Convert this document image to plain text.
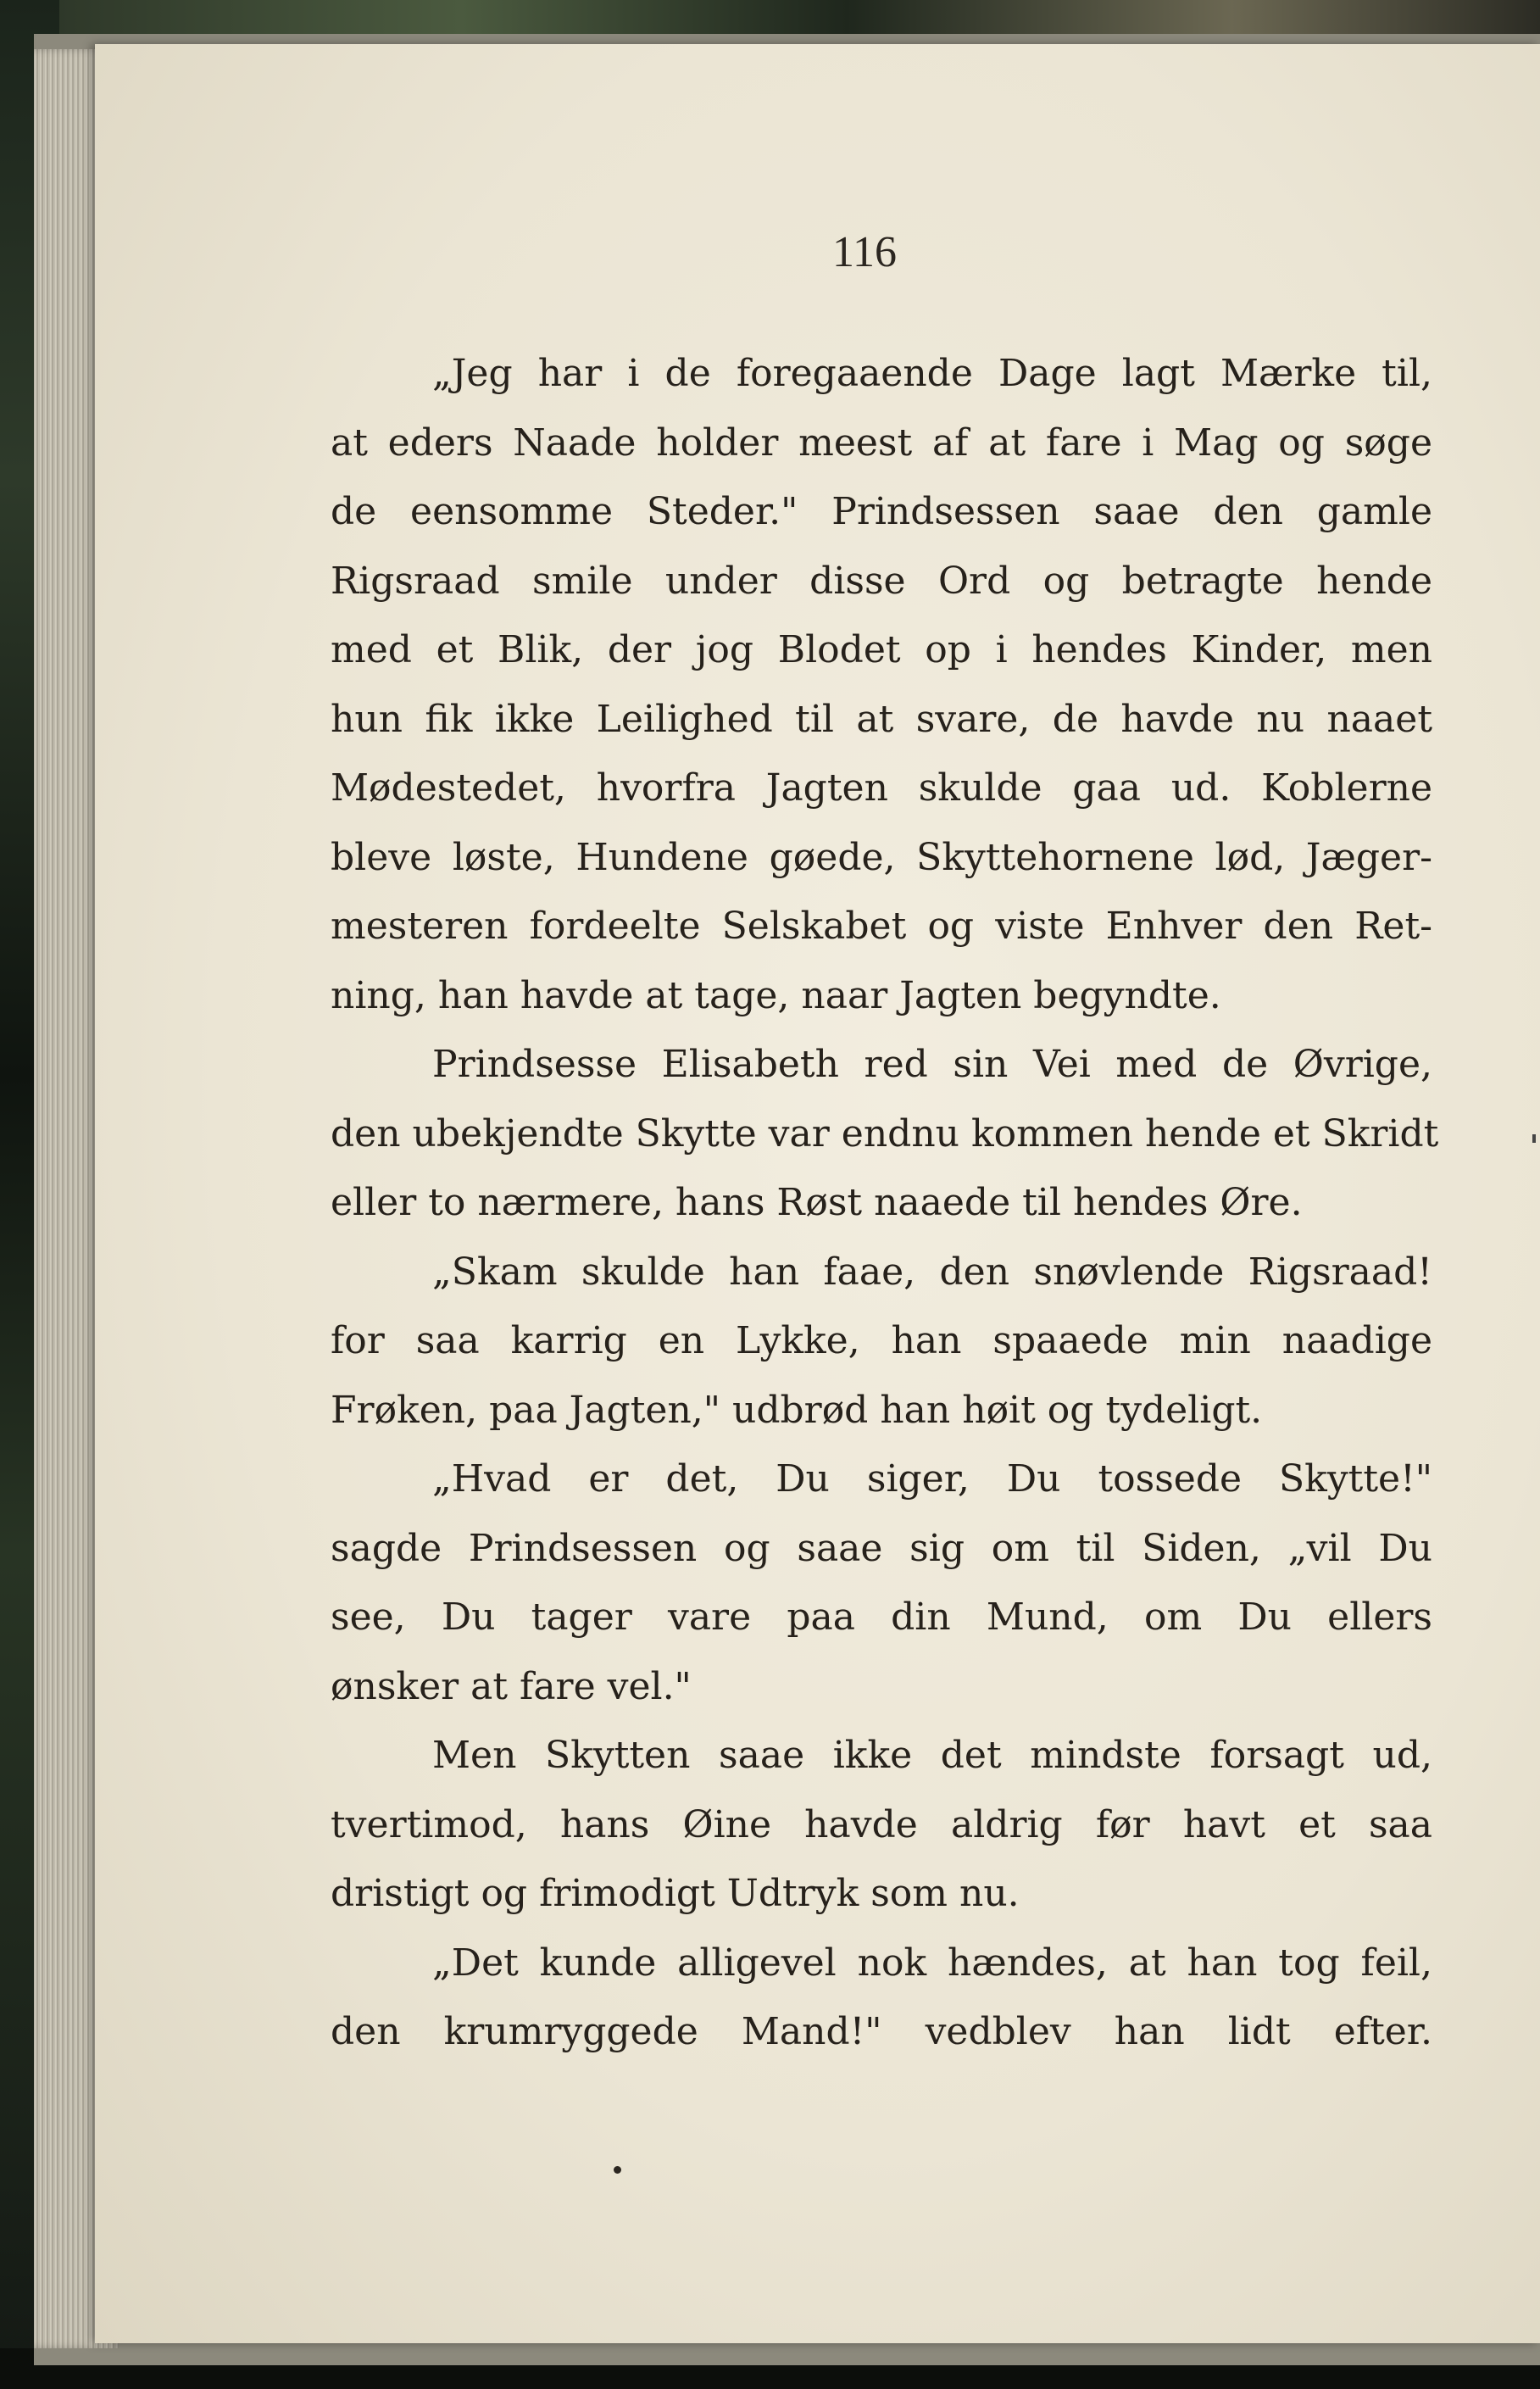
116
„Jeg har i de foregaaende Dage lagt Mærke til,
at eders Naade holder meest af at fare i Mag og søge
de eensomme Steder." Prindsessen saae den gamle
Rigsraad smile under disse Ord og betragte hende
med et Blik, der jog Blodet op i hendes Kinder, men
hun fik ikke Leilighed til at svare, de havde nu naaet
Mødestedet, hvorfra Jagten skulde gaa ud. Koblerne
bleve løste, Hundene gøede, Skyttehornene lød, Jæger-
mesteren fordeelte Selskabet og viste Enhver den Ret-
ning, han havde at tage, naar Jagten begyndte.
Prindsesse Elisabeth red sin Vei med de Øvrige,
den ubekjendte Skytte var endnu kommen hende et Skridt
eller to nærmere, hans Røst naaede til hendes Øre.
„Skam skulde han faae, den snøvlende Rigsraad!
for saa karrig en Lykke, han spaaede min naadige
Frøken, paa Jagten," udbrød han høit og tydeligt.
„Hvad er det, Du siger, Du tossede Skytte!"
sagde Prindsessen og saae sig om til Siden, „vil Du
see, Du tager vare paa din Mund, om Du ellers
ønsker at fare vel."
Men Skytten saae ikke det mindste forsagt ud,
tvertimod, hans Øine havde aldrig før havt et saa
dristigt og frimodigt Udtryk som nu.
„Det kunde alligevel nok hændes, at han tog feil,
den krumryggede Mand!" vedblev han lidt efter.
